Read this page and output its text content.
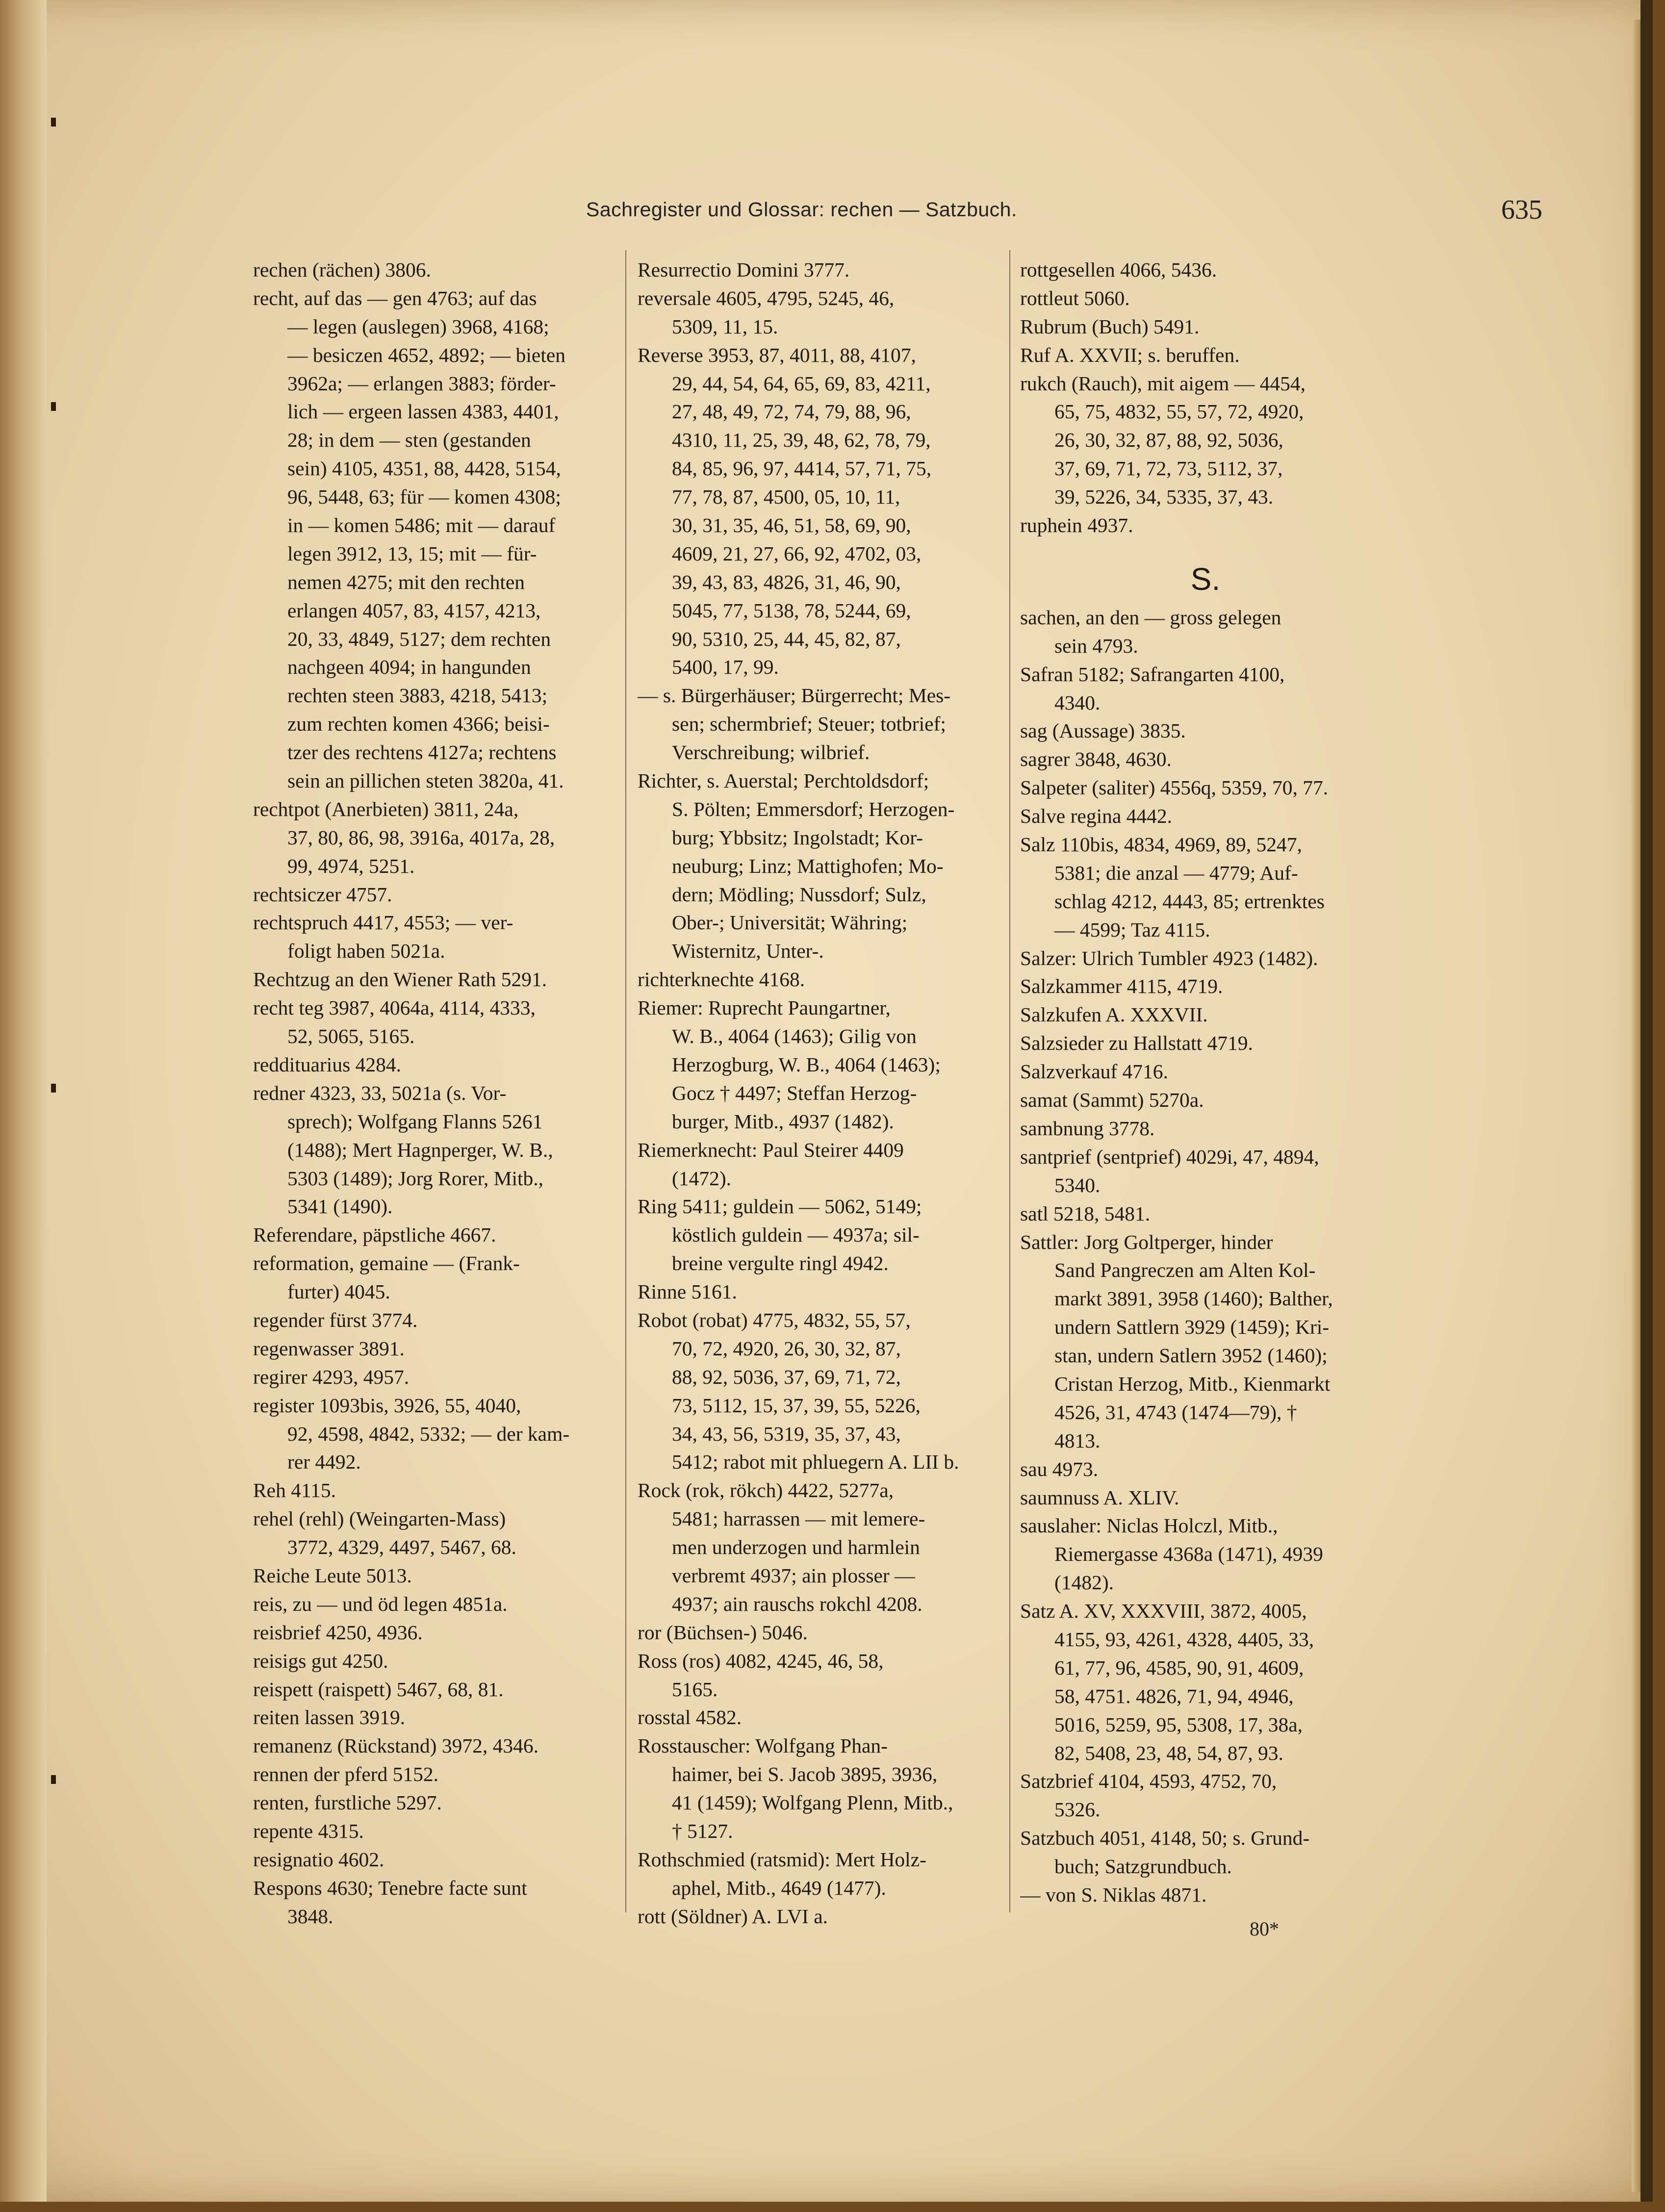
Sachregister und Glossar: rechen — Satzbuch.	635
rechen (rächen) 3806.
recht, auf das — gen 4763; auf das
— legen (auslegen) 3968, 4168;
— besiczen 4652, 4892; — bieten
3962a; — erlangen 3883; förder-
lich — ergeen lassen 4383, 4401,
28; in dem — sten (gestanden
sein) 4105, 4351, 88, 4428, 5154,
96, 5448, 63; für — komen 4308;
in — komen 5486; mit — darauf
legen 3912, 13, 15; mit — für-
nemen 4275; mit den rechten
erlangen 4057, 83, 4157, 4213,
20, 33, 4849, 5127; dem rechten
nachgeen 4094; in hangunden
rechten steen 3883, 4218, 5413;
zum rechten komen 4366; beisi-
tzer des rechtens 4127a; rechtens
sein an pillichen steten 3820a, 41.
rechtpot (Anerbieten) 3811, 24a,
37, 80, 86, 98, 3916a, 4017a, 28,
99, 4974, 5251.
rechtsiczer 4757.
rechtspruch 4417, 4553; — ver-
foligt haben 5021a.
Rechtzug an den Wiener Rath 5291.
recht teg 3987, 4064a, 4114, 4333,
52, 5065, 5165.
reddituarius 4284.
redner 4323, 33, 5021a (s. Vor-
sprech); Wolfgang Flanns 5261
(1488); Mert Hagnperger, W. B.,
5303 (1489); Jorg Rorer, Mitb.,
5341 (1490).
Referendare, päpstliche 4667.
reformation, gemaine — (Frank-
furter) 4045.
regender fürst 3774.
regenwasser 3891.
regirer 4293, 4957.
register 1093bis, 3926, 55, 4040,
92, 4598, 4842, 5332; — der kam-
rer 4492.
Reh 4115.
rehel (rehl) (Weingarten-Mass)
3772, 4329, 4497, 5467, 68.
Reiche Leute 5013.
reis, zu — und öd legen 4851a.
reisbrief 4250, 4936.
reisigs gut 4250.
reispett (raispett) 5467, 68, 81.
reiten lassen 3919.
remanenz (Rückstand) 3972, 4346.
rennen der pferd 5152.
renten, furstliche 5297.
repente 4315.
resignatio 4602.
Respons 4630; Tenebre facte sunt
3848.
Resurrectio Domini 3777.
reversale 4605, 4795, 5245, 46,
5309, 11, 15.
Reverse 3953, 87, 4011, 88, 4107,
29, 44, 54, 64, 65, 69, 83, 4211,
27, 48, 49, 72, 74, 79, 88, 96,
4310, 11, 25, 39, 48, 62, 78, 79,
84, 85, 96, 97, 4414, 57, 71, 75,
77, 78, 87, 4500, 05, 10, 11,
30, 31, 35, 46, 51, 58, 69, 90,
4609, 21, 27, 66, 92, 4702, 03,
39, 43, 83, 4826, 31, 46, 90,
5045, 77, 5138, 78, 5244, 69,
90, 5310, 25, 44, 45, 82, 87,
5400, 17, 99.
— s. Bürgerhäuser; Bürgerrecht; Mes-
sen; schermbrief; Steuer; totbrief;
Verschreibung; wilbrief.
Richter, s. Auerstal; Perchtoldsdorf;
S. Pölten; Emmersdorf; Herzogen-
burg; Ybbsitz; Ingolstadt; Kor-
neuburg; Linz; Mattighofen; Mo-
dern; Mödling; Nussdorf; Sulz,
Ober-; Universität; Währing;
Wisternitz, Unter-.
richterknechte 4168.
Riemer: Ruprecht Paungartner,
W. B., 4064 (1463); Gilig von
Herzogburg, W. B., 4064 (1463);
Gocz † 4497; Steffan Herzog-
burger, Mitb., 4937 (1482).
Riemerknecht: Paul Steirer 4409
(1472).
Ring 5411; guldein — 5062, 5149;
köstlich guldein — 4937a; sil-
breine vergulte ringl 4942.
Rinne 5161.
Robot (robat) 4775, 4832, 55, 57,
70, 72, 4920, 26, 30, 32, 87,
88, 92, 5036, 37, 69, 71, 72,
73, 5112, 15, 37, 39, 55, 5226,
34, 43, 56, 5319, 35, 37, 43,
5412; rabot mit phluegern A. LII b.
Rock (rok, rökch) 4422, 5277a,
5481; harrassen — mit lemere-
men underzogen und harmlein
verbremt 4937; ain plosser —
4937; ain rauschs rokchl 4208.
ror (Büchsen-) 5046.
Ross (ros) 4082, 4245, 46, 58,
5165.
rosstal 4582.
Rosstauscher: Wolfgang Phan-
haimer, bei S. Jacob 3895, 3936,
41 (1459); Wolfgang Plenn, Mitb.,
† 5127.
Rothschmied (ratsmid): Mert Holz-
aphel, Mitb., 4649 (1477).
rott (Söldner) A. LVI a.
rottgesellen 4066, 5436.
rottleut 5060.
Rubrum (Buch) 5491.
Ruf A. XXVII; s. beruffen.
rukch (Rauch), mit aigem — 4454,
65, 75, 4832, 55, 57, 72, 4920,
26, 30, 32, 87, 88, 92, 5036,
37, 69, 71, 72, 73, 5112, 37,
39, 5226, 34, 5335, 37, 43.
ruphein 4937.
S.
sachen, an den — gross gelegen
sein 4793.
Safran 5182; Safrangarten 4100,
4340.
sag (Aussage) 3835.
sagrer 3848, 4630.
Salpeter (saliter) 4556q, 5359, 70, 77.
Salve regina 4442.
Salz 110bis, 4834, 4969, 89, 5247,
5381; die anzal — 4779; Auf-
schlag 4212, 4443, 85; ertrenktes
— 4599; Taz 4115.
Salzer: Ulrich Tumbler 4923 (1482).
Salzkammer 4115, 4719.
Salzkufen A. XXXVII.
Salzsieder zu Hallstatt 4719.
Salzverkauf 4716.
samat (Sammt) 5270a.
sambnung 3778.
santprief (sentprief) 4029i, 47, 4894,
5340.
satl 5218, 5481.
Sattler: Jorg Goltperger, hinder
Sand Pangreczen am Alten Kol-
markt 3891, 3958 (1460); Balther,
undern Sattlern 3929 (1459); Kri-
stan, undern Satlern 3952 (1460);
Cristan Herzog, Mitb., Kienmarkt
4526, 31, 4743 (1474—79), †
4813.
sau 4973.
saumnuss A. XLIV.
sauslaher: Niclas Holczl, Mitb.,
Riemergasse 4368a (1471), 4939
(1482).
Satz A. XV, XXXVIII, 3872, 4005,
4155, 93, 4261, 4328, 4405, 33,
61, 77, 96, 4585, 90, 91, 4609,
58, 4751. 4826, 71, 94, 4946,
5016, 5259, 95, 5308, 17, 38a,
82, 5408, 23, 48, 54, 87, 93.
Satzbrief 4104, 4593, 4752, 70,
5326.
Satzbuch 4051, 4148, 50; s. Grund-
buch; Satzgrundbuch.
— von S. Niklas 4871.
80*
